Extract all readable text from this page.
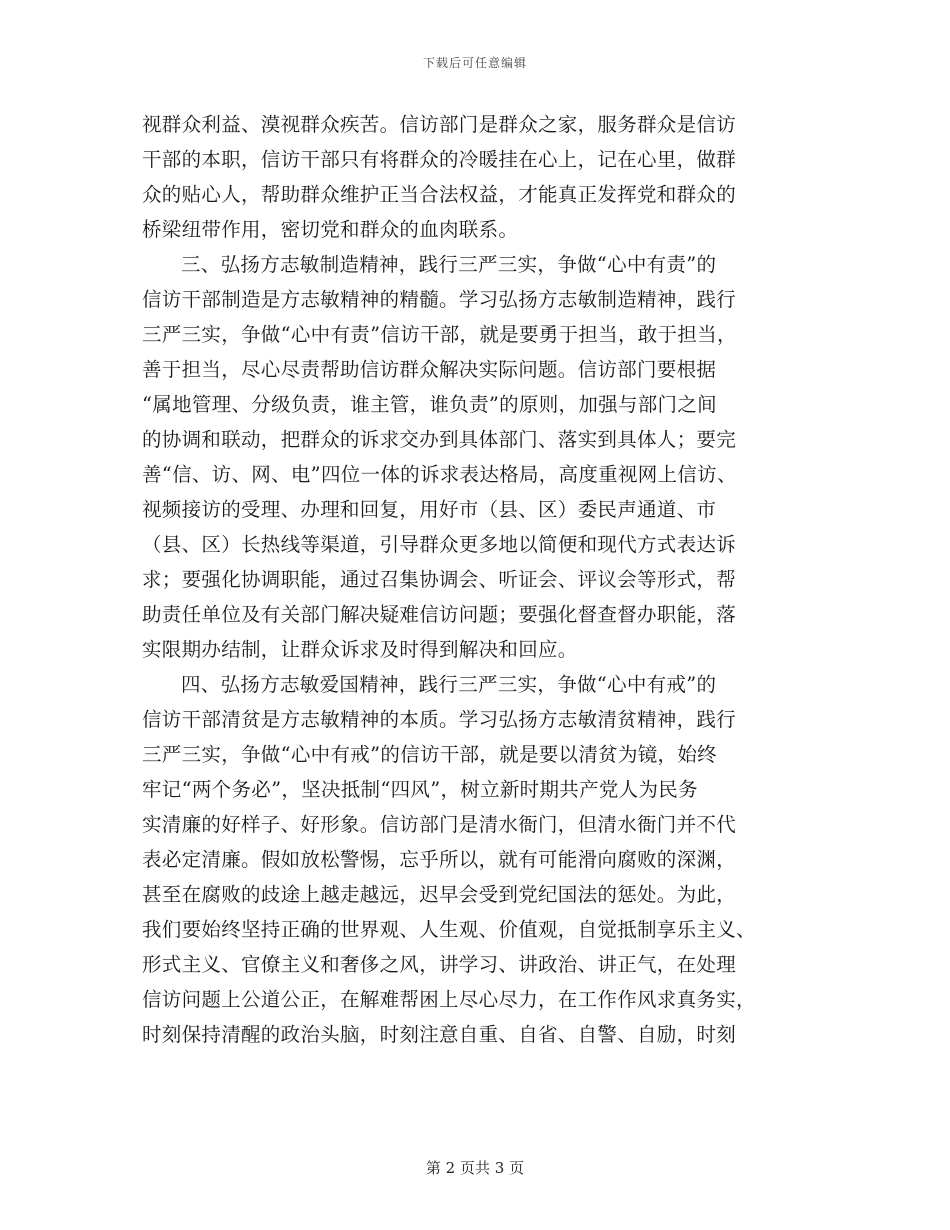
下载后可任意编辑
视群众利益、漠视群众疾苦。信访部门是群众之家，服务群众是信访
干部的本职，信访干部只有将群众的冷暖挂在心上，记在心里，做群
众的贴心人，帮助群众维护正当合法权益，才能真正发挥党和群众的
桥梁纽带作用，密切党和群众的血肉联系。
三、弘扬方志敏制造精神，践行三严三实，争做“心中有责”的
信访干部制造是方志敏精神的精髓。学习弘扬方志敏制造精神，践行
三严三实，争做“心中有责”信访干部，就是要勇于担当，敢于担当，
善于担当，尽心尽责帮助信访群众解决实际问题。信访部门要根据
“属地管理、分级负责，谁主管，谁负责”的原则，加强与部门之间
的协调和联动，把群众的诉求交办到具体部门、落实到具体人；要完
善“信、访、网、电”四位一体的诉求表达格局，高度重视网上信访、
视频接访的受理、办理和回复，用好市（县、区）委民声通道、市
（县、区）长热线等渠道，引导群众更多地以简便和现代方式表达诉
求；要强化协调职能，通过召集协调会、听证会、评议会等形式，帮
助责任单位及有关部门解决疑难信访问题；要强化督查督办职能，落
实限期办结制，让群众诉求及时得到解决和回应。
四、弘扬方志敏爱国精神，践行三严三实，争做“心中有戒”的
信访干部清贫是方志敏精神的本质。学习弘扬方志敏清贫精神，践行
三严三实，争做“心中有戒”的信访干部，就是要以清贫为镜，始终
牢记“两个务必”，坚决抵制“四风”，树立新时期共产党人为民务
实清廉的好样子、好形象。信访部门是清水衙门，但清水衙门并不代
表必定清廉。假如放松警惕，忘乎所以，就有可能滑向腐败的深渊，
甚至在腐败的歧途上越走越远，迟早会受到党纪国法的惩处。为此，
我们要始终坚持正确的世界观、人生观、价值观，自觉抵制享乐主义、
形式主义、官僚主义和奢侈之风，讲学习、讲政治、讲正气，在处理
信访问题上公道公正，在解难帮困上尽心尽力，在工作作风求真务实，
时刻保持清醒的政治头脑，时刻注意自重、自省、自警、自励，时刻
第 2 页共 3 页
